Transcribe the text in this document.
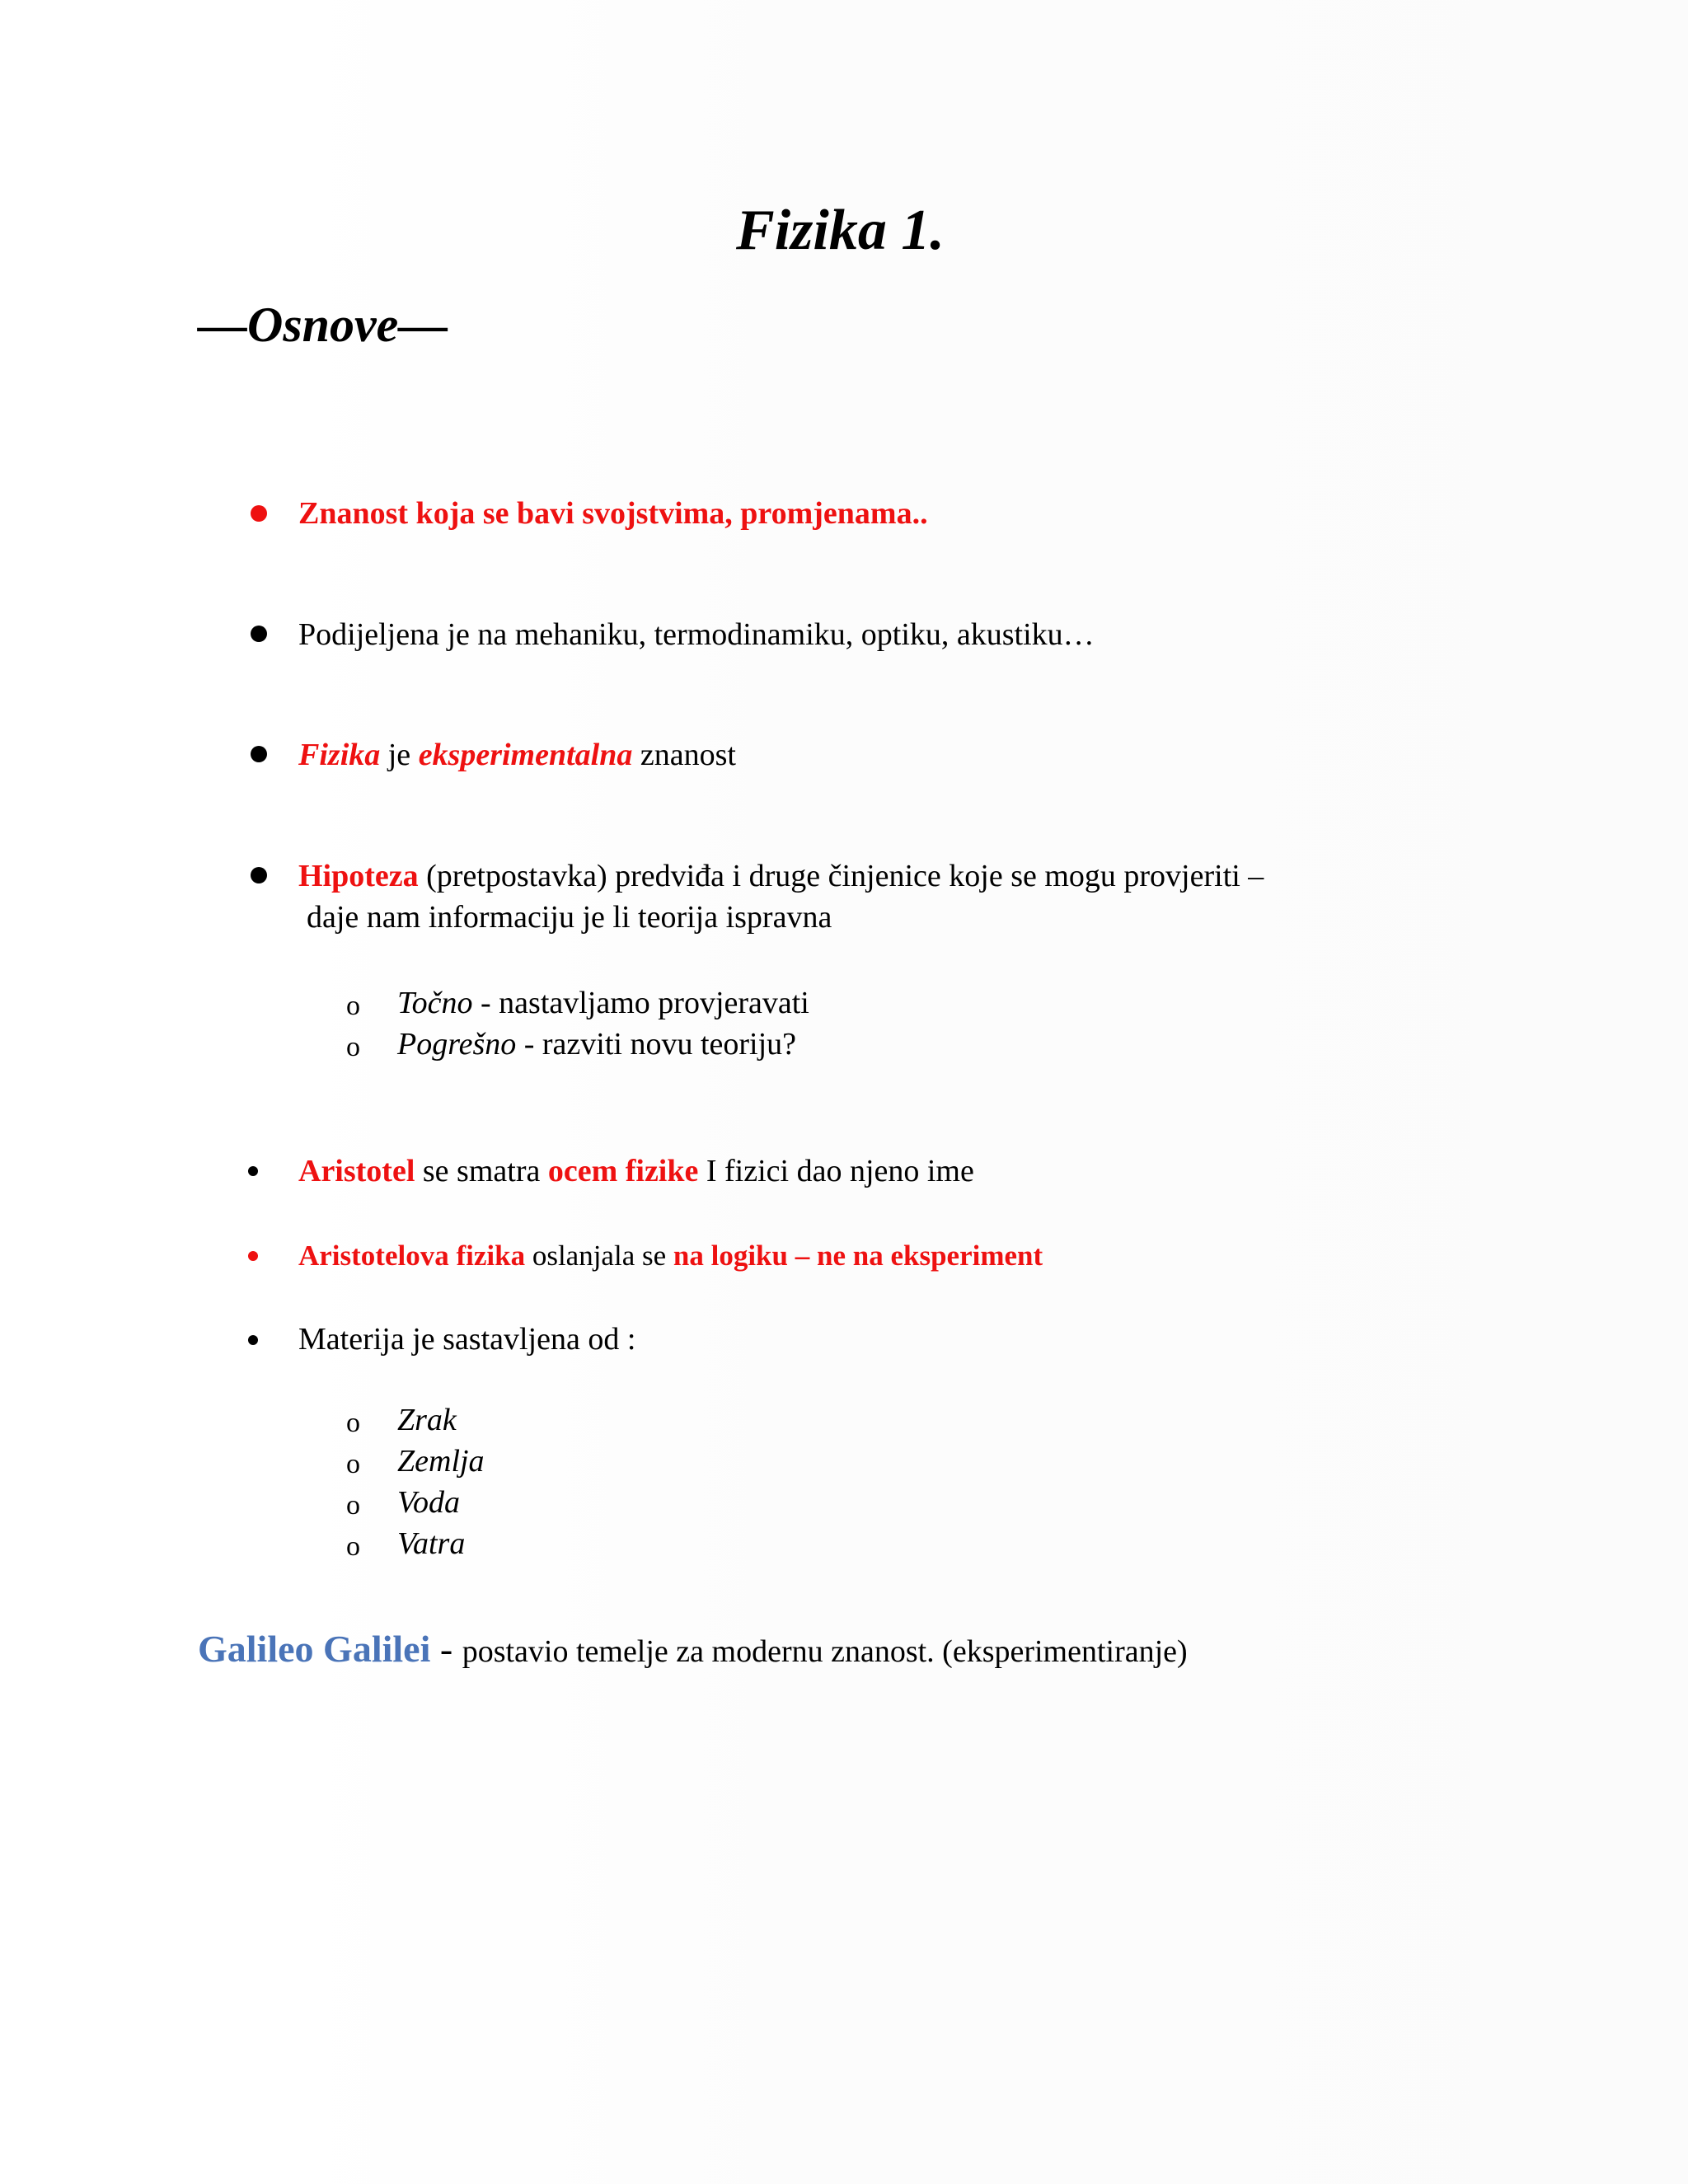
Fizika 1.
—Osnove—
Znanost koja se bavi svojstvima, promjenama..
Podijeljena je na mehaniku, termodinamiku, optiku, akustiku…
Fizika je eksperimentalna znanost
Hipoteza (pretpostavka) predviđa i druge činjenice koje se mogu provjeriti –
daje nam informaciju je li teorija ispravna
o Točno - nastavljamo provjeravati
o Pogrešno - razviti novu teoriju?
Aristotel se smatra ocem fizike I fizici dao njeno ime
Aristotelova fizika oslanjala se na logiku – ne na eksperiment
Materija je sastavljena od :
o Zrak
o Zemlja
o Voda
o Vatra
Galileo Galilei - postavio temelje za modernu znanost. (eksperimentiranje)
